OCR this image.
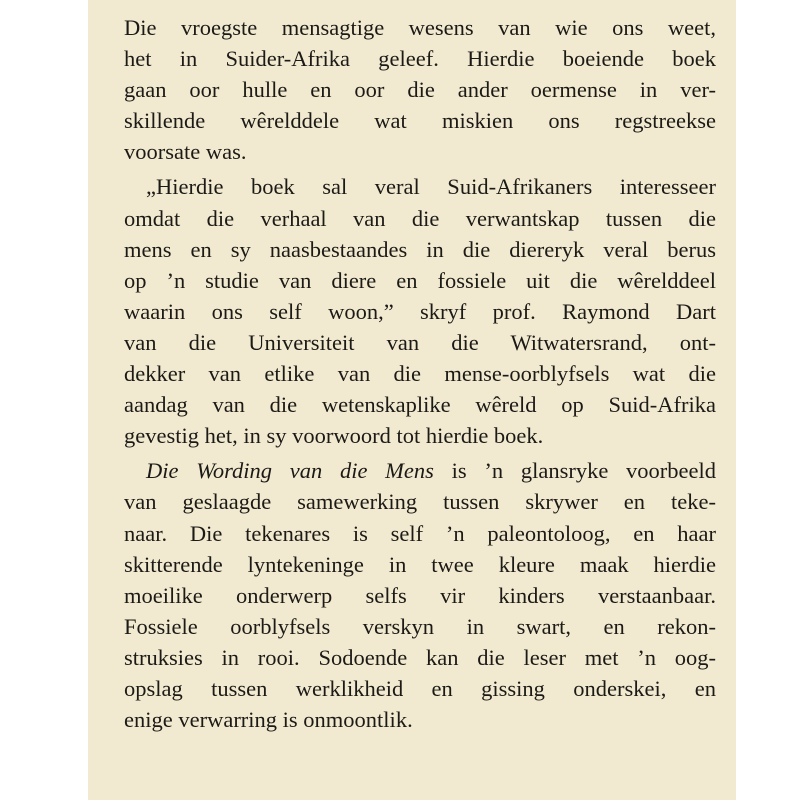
Die vroegste mensagtige wesens van wie ons weet,
het in Suider-Afrika geleef. Hierdie boeiende boek
gaan oor hulle en oor die ander oermense in ver-
skillende wêrelddele wat miskien ons regstreekse
voorsate was.
„Hierdie boek sal veral Suid-Afrikaners interesseer
omdat die verhaal van die verwantskap tussen die
mens en sy naasbestaandes in die diereryk veral berus
op ’n studie van diere en fossiele uit die wêrelddeel
waarin ons self woon,” skryf prof. Raymond Dart
van die Universiteit van die Witwatersrand, ont-
dekker van etlike van die mense-oorblyfsels wat die
aandag van die wetenskaplike wêreld op Suid-Afrika
gevestig het, in sy voorwoord tot hierdie boek.
Die Wording van die Mens is ’n glansryke voorbeeld
van geslaagde samewerking tussen skrywer en teke-
naar. Die tekenares is self ’n paleontoloog, en haar
skitterende lyntekeninge in twee kleure maak hierdie
moeilike onderwerp selfs vir kinders verstaanbaar.
Fossiele oorblyfsels verskyn in swart, en rekon-
struksies in rooi. Sodoende kan die leser met ’n oog-
opslag tussen werklikheid en gissing onderskei, en
enige verwarring is onmoontlik.
